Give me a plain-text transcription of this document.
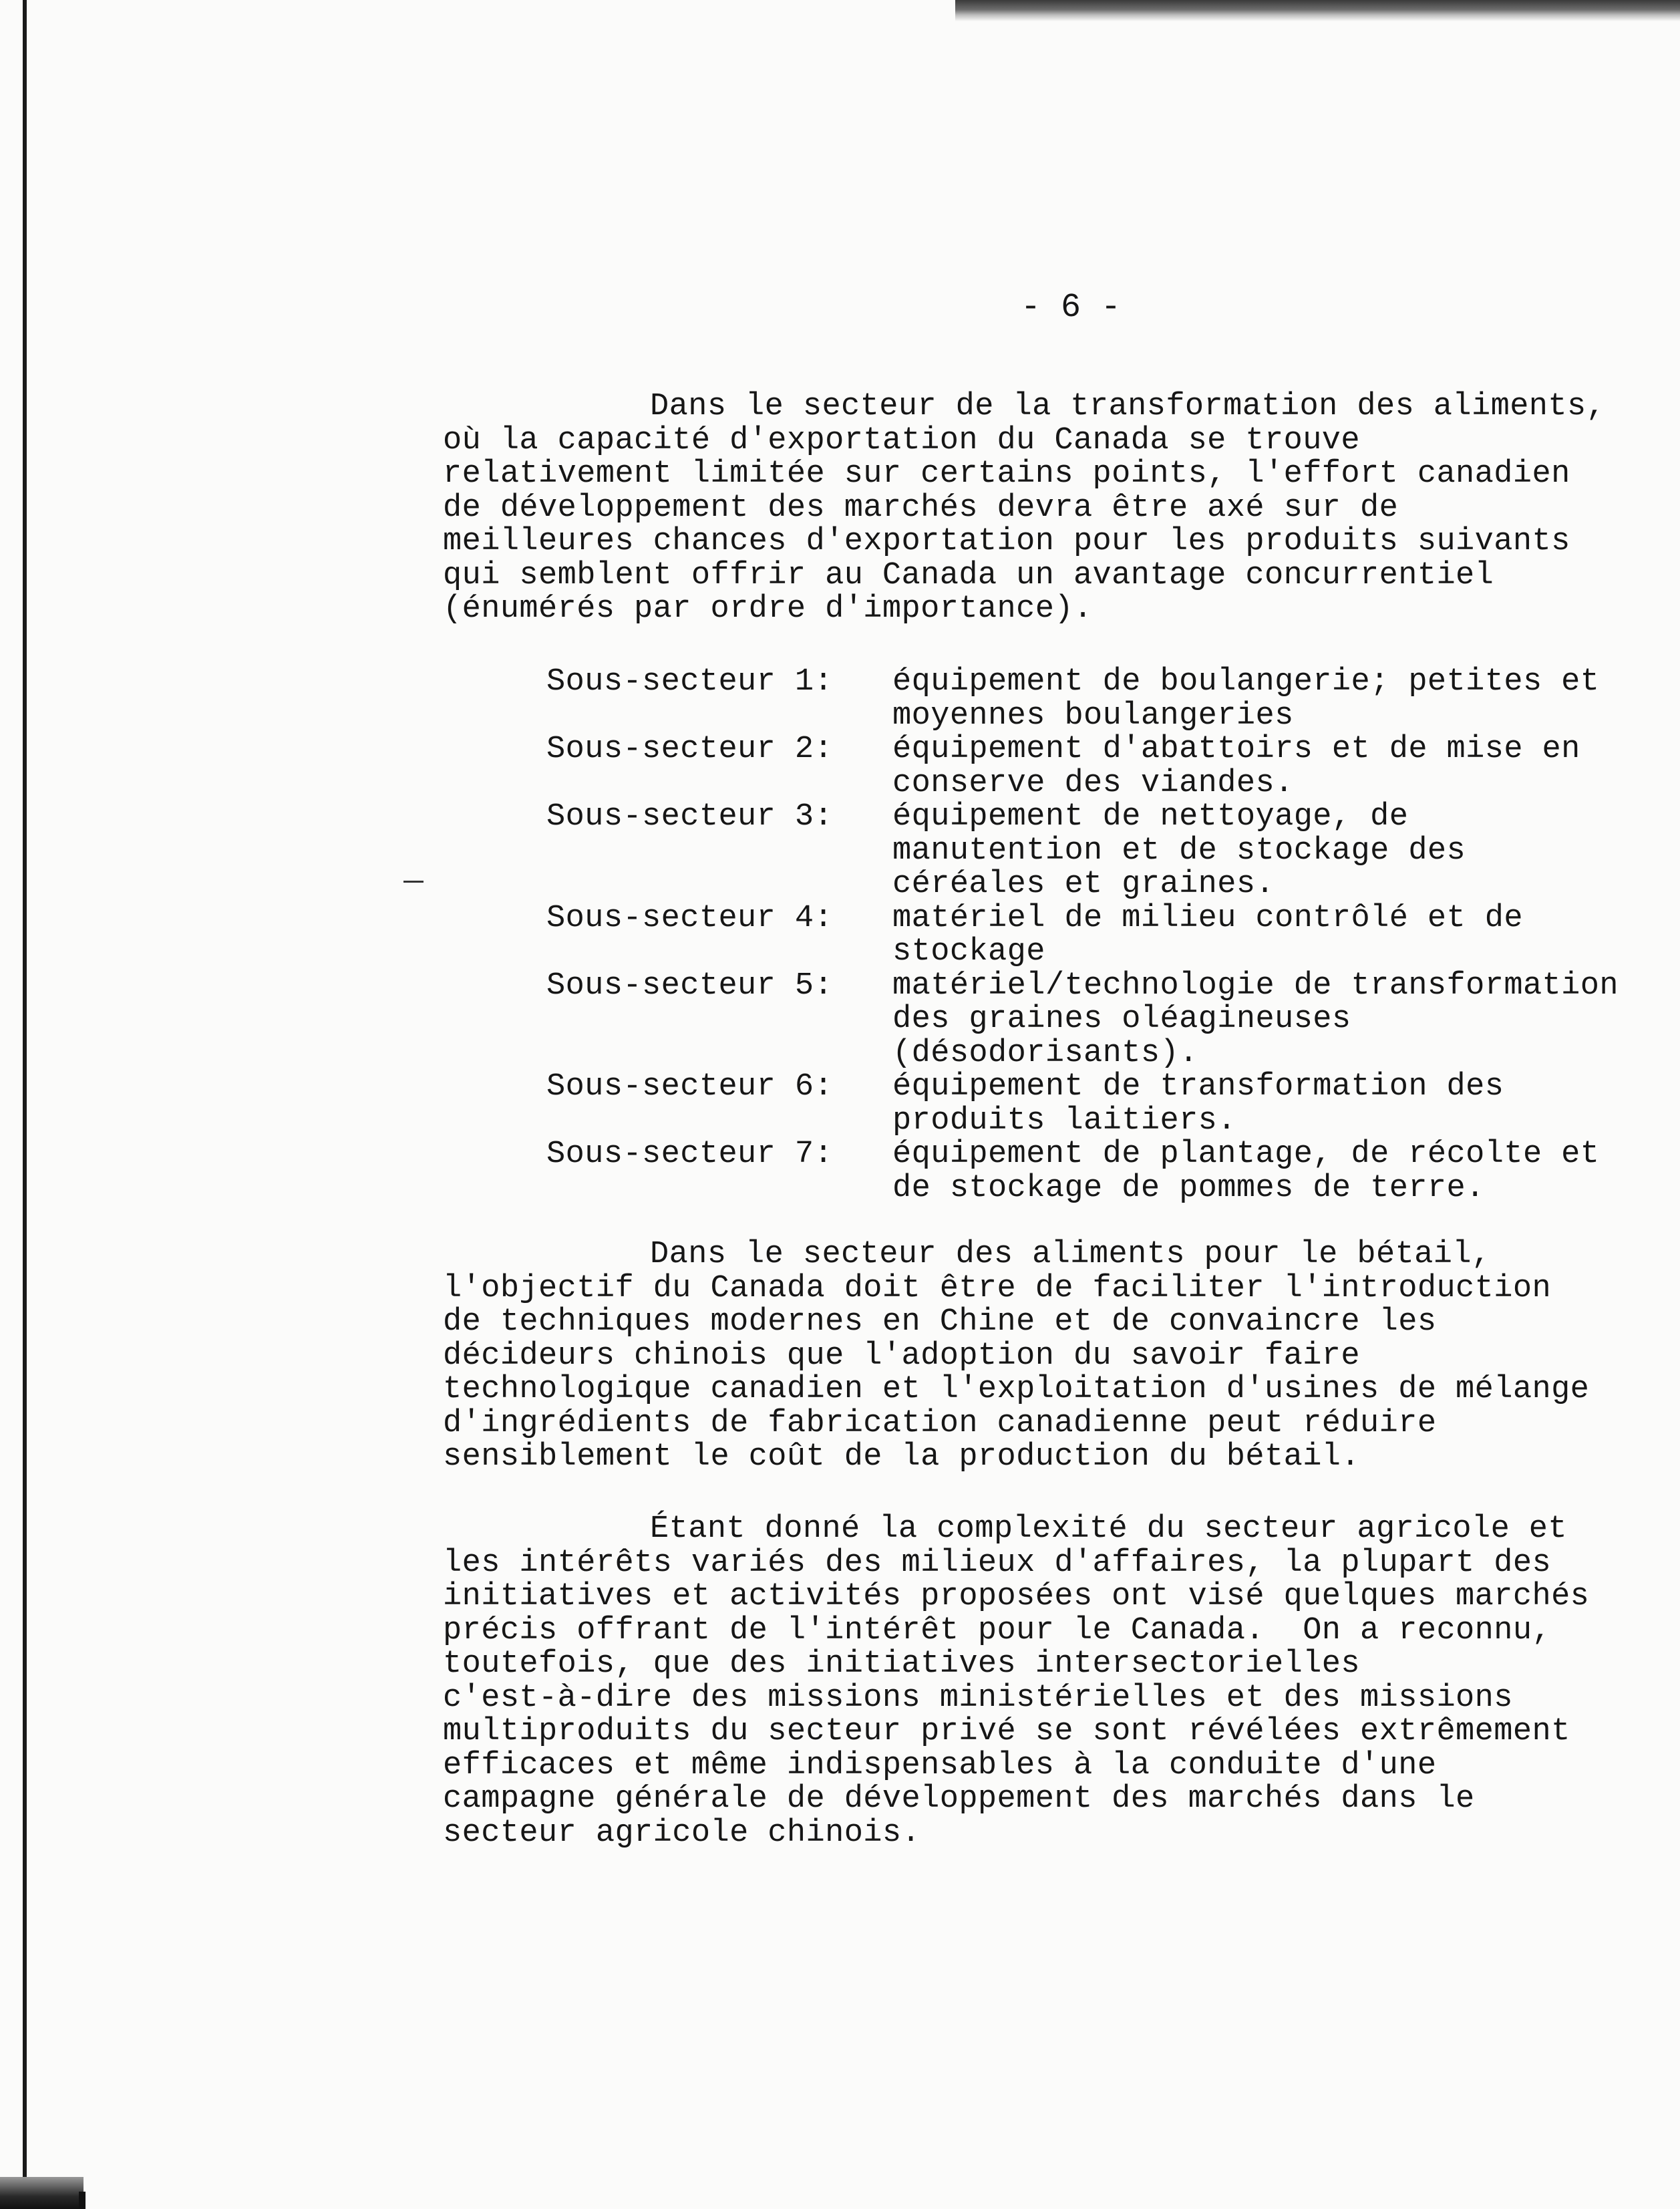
- 6 -
Dans le secteur de la transformation des aliments,
où la capacité d'exportation du Canada se trouve
relativement limitée sur certains points, l'effort canadien
de développement des marchés devra être axé sur de
meilleures chances d'exportation pour les produits suivants
qui semblent offrir au Canada un avantage concurrentiel
(énumérés par ordre d'importance).
Sous-secteur 1:	équipement de boulangerie; petites et
moyennes boulangeries
Sous-secteur 2:	équipement d'abattoirs et de mise en
conserve des viandes.
Sous-secteur 3:	équipement de nettoyage, de
manutention et de stockage des
céréales et graines.
Sous-secteur 4:	matériel de milieu contrôlé et de
stockage
Sous-secteur 5:	matériel/technologie de transformation
des graines oléagineuses
(désodorisants).
Sous-secteur 6:	équipement de transformation des
produits laitiers.
Sous-secteur 7:	équipement de plantage, de récolte et
de stockage de pommes de terre.
Dans le secteur des aliments pour le bétail,
l'objectif du Canada doit être de faciliter l'introduction
de techniques modernes en Chine et de convaincre les
décideurs chinois que l'adoption du savoir faire
technologique canadien et l'exploitation d'usines de mélange
d'ingrédients de fabrication canadienne peut réduire
sensiblement le coût de la production du bétail.
Étant donné la complexité du secteur agricole et
les intérêts variés des milieux d'affaires, la plupart des
initiatives et activités proposées ont visé quelques marchés
précis offrant de l'intérêt pour le Canada.  On a reconnu,
toutefois, que des initiatives intersectorielles
c'est-à-dire des missions ministérielles et des missions
multiproduits du secteur privé se sont révélées extrêmement
efficaces et même indispensables à la conduite d'une
campagne générale de développement des marchés dans le
secteur agricole chinois.
